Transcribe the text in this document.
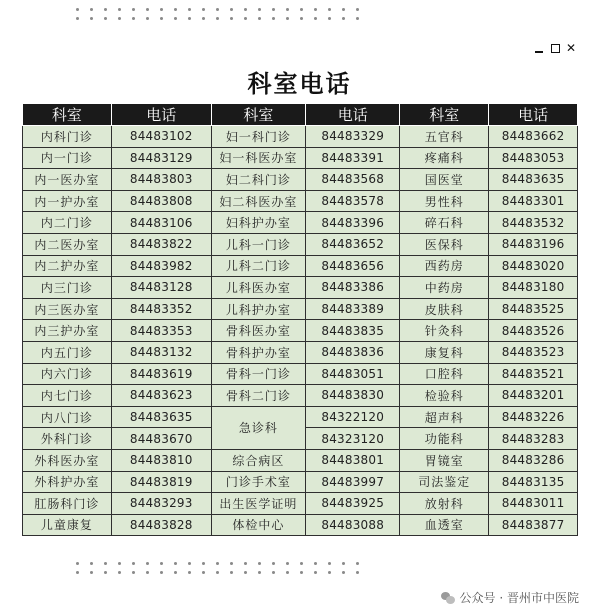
✕
科室电话
科室	电话	科室	电话	科室	电话
内科门诊	84483102	妇一科门诊	84483329	五官科	84483662
内一门诊	84483129	妇一科医办室	84483391	疼痛科	84483053
内一医办室	84483803	妇二科门诊	84483568	国医堂	84483635
内一护办室	84483808	妇二科医办室	84483578	男性科	84483301
内二门诊	84483106	妇科护办室	84483396	碎石科	84483532
内二医办室	84483822	儿科一门诊	84483652	医保科	84483196
内二护办室	84483982	儿科二门诊	84483656	西药房	84483020
内三门诊	84483128	儿科医办室	84483386	中药房	84483180
内三医办室	84483352	儿科护办室	84483389	皮肤科	84483525
内三护办室	84483353	骨科医办室	84483835	针灸科	84483526
内五门诊	84483132	骨科护办室	84483836	康复科	84483523
内六门诊	84483619	骨科一门诊	84483051	口腔科	84483521
内七门诊	84483623	骨科二门诊	84483830	检验科	84483201
内八门诊	84483635	急诊科	84322120	超声科	84483226
外科门诊	84483670		84323120	功能科	84483283
外科医办室	84483810	综合病区	84483801	胃镜室	84483286
外科护办室	84483819	门诊手术室	84483997	司法鉴定	84483135
肛肠科门诊	84483293	出生医学证明	84483925	放射科	84483011
儿童康复	84483828	体检中心	84483088	血透室	84483877
公众号 · 晋州市中医院
